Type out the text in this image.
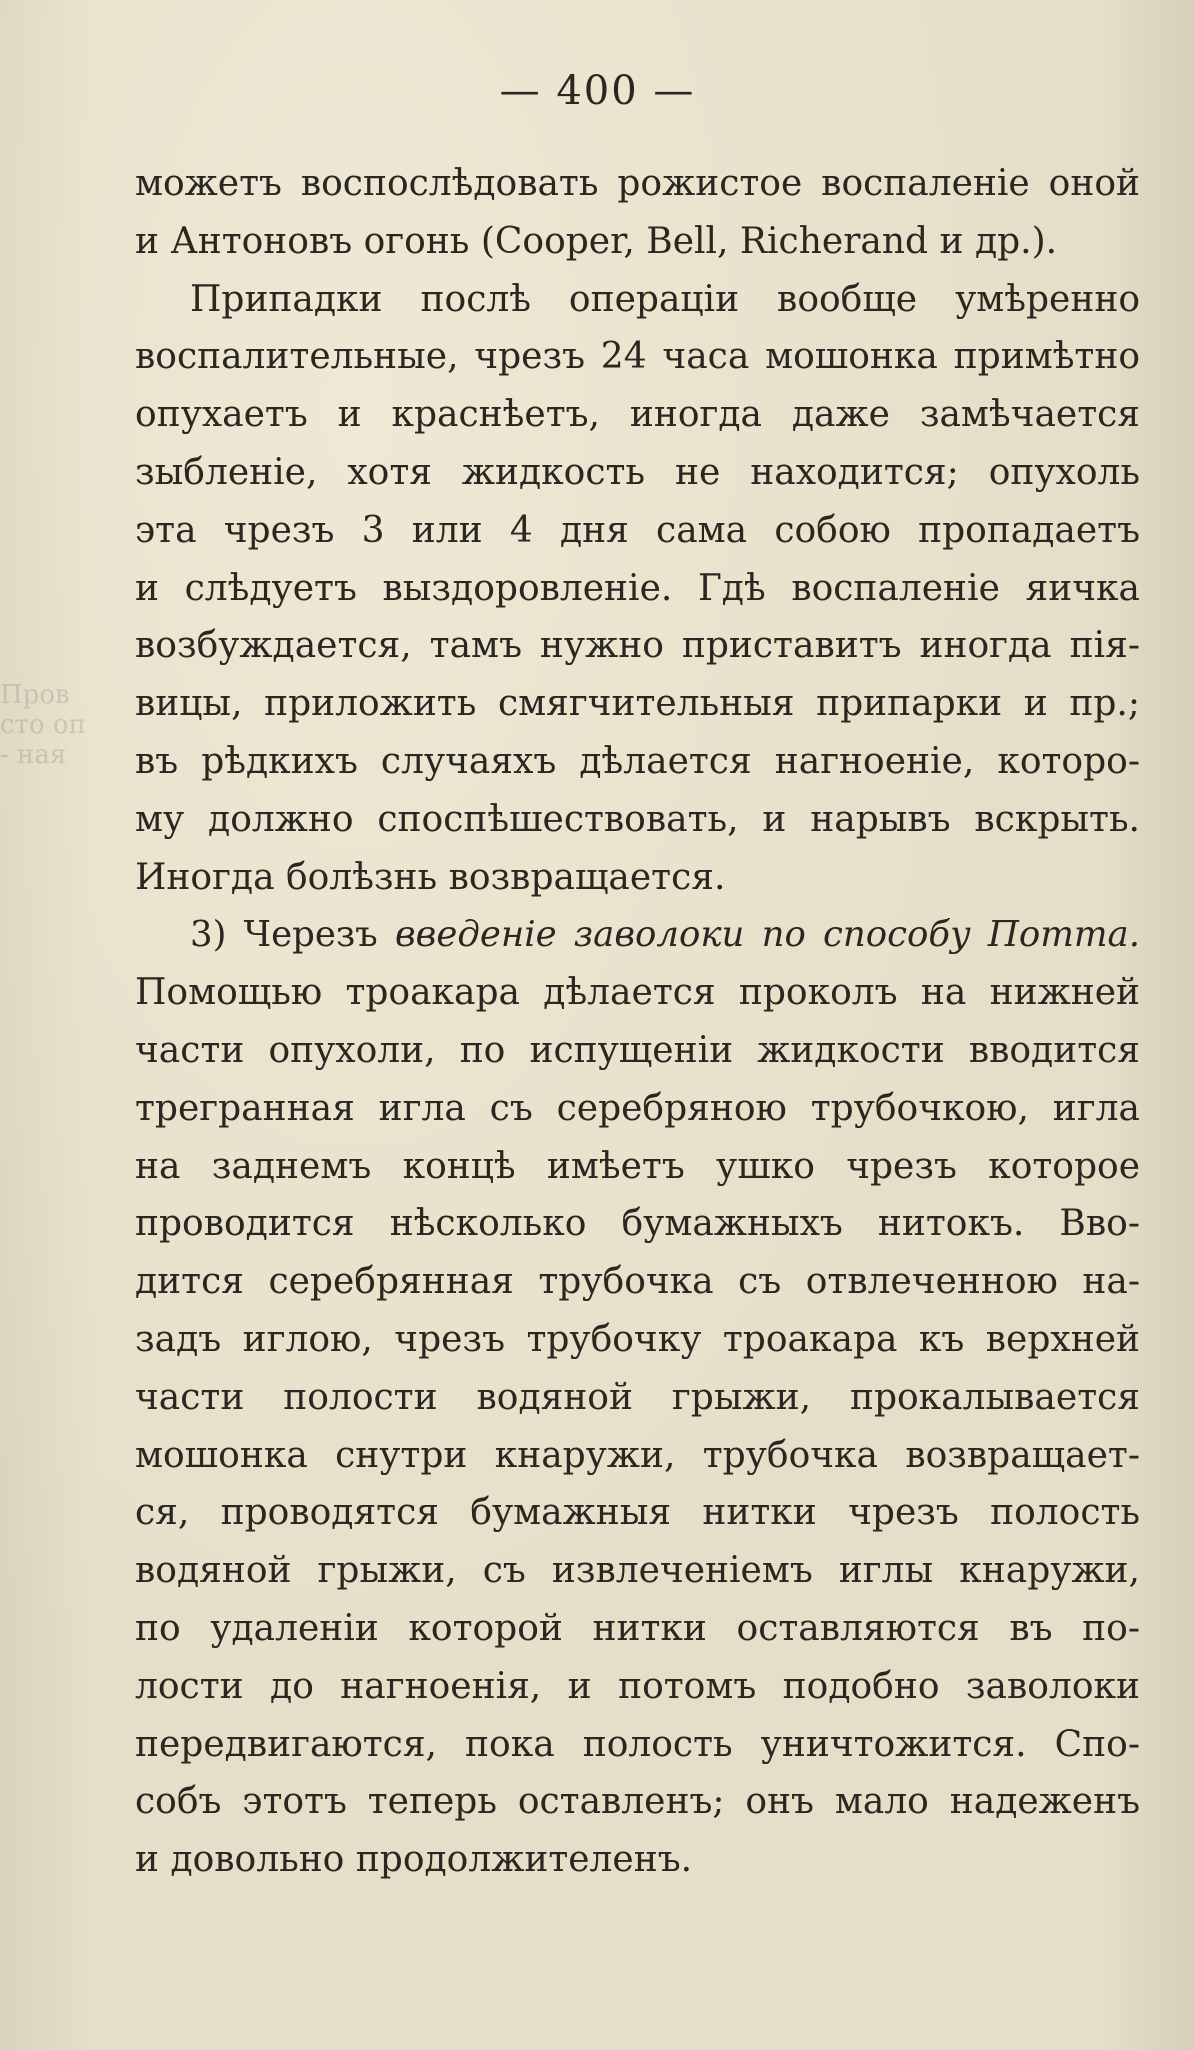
Пров
сто оп
- ная
— 400 —
можетъ воспослѣдовать рожистое воспаленіе оной
и Антоновъ огонь (Cooper, Bell, Richerand и др.).
Припадки послѣ операціи вообще умѣренно
воспалительные, чрезъ 24 часа мошонка примѣтно
опухаетъ и краснѣетъ, иногда даже замѣчается
зыбленіе, хотя жидкость не находится; опухоль
эта чрезъ 3 или 4 дня сама собою пропадаетъ
и слѣдуетъ выздоровленіе. Гдѣ воспаленіе яичка
возбуждается, тамъ нужно приставитъ иногда пія-
вицы, приложить смягчительныя припарки и пр.;
въ рѣдкихъ случаяхъ дѣлается нагноеніе, которо-
му должно споспѣшествовать, и нарывъ вскрыть.
Иногда болѣзнь возвращается.
3) Черезъ введеніе заволоки по способу Потта.
Помощью троакара дѣлается проколъ на нижней
части опухоли, по испущеніи жидкости вводится
трегранная игла съ серебряною трубочкою, игла
на заднемъ концѣ имѣетъ ушко чрезъ которое
проводится нѣсколько бумажныхъ нитокъ. Вво-
дится серебрянная трубочка съ отвлеченною на-
задъ иглою, чрезъ трубочку троакара къ верхней
части полости водяной грыжи, прокалывается
мошонка снутри кнаружи, трубочка возвращает-
ся, проводятся бумажныя нитки чрезъ полость
водяной грыжи, съ извлеченіемъ иглы кнаружи,
по удаленіи которой нитки оставляются въ по-
лости до нагноенія, и потомъ подобно заволоки
передвигаются, пока полость уничтожится. Спо-
собъ этотъ теперь оставленъ; онъ мало надеженъ
и довольно продолжителенъ.
